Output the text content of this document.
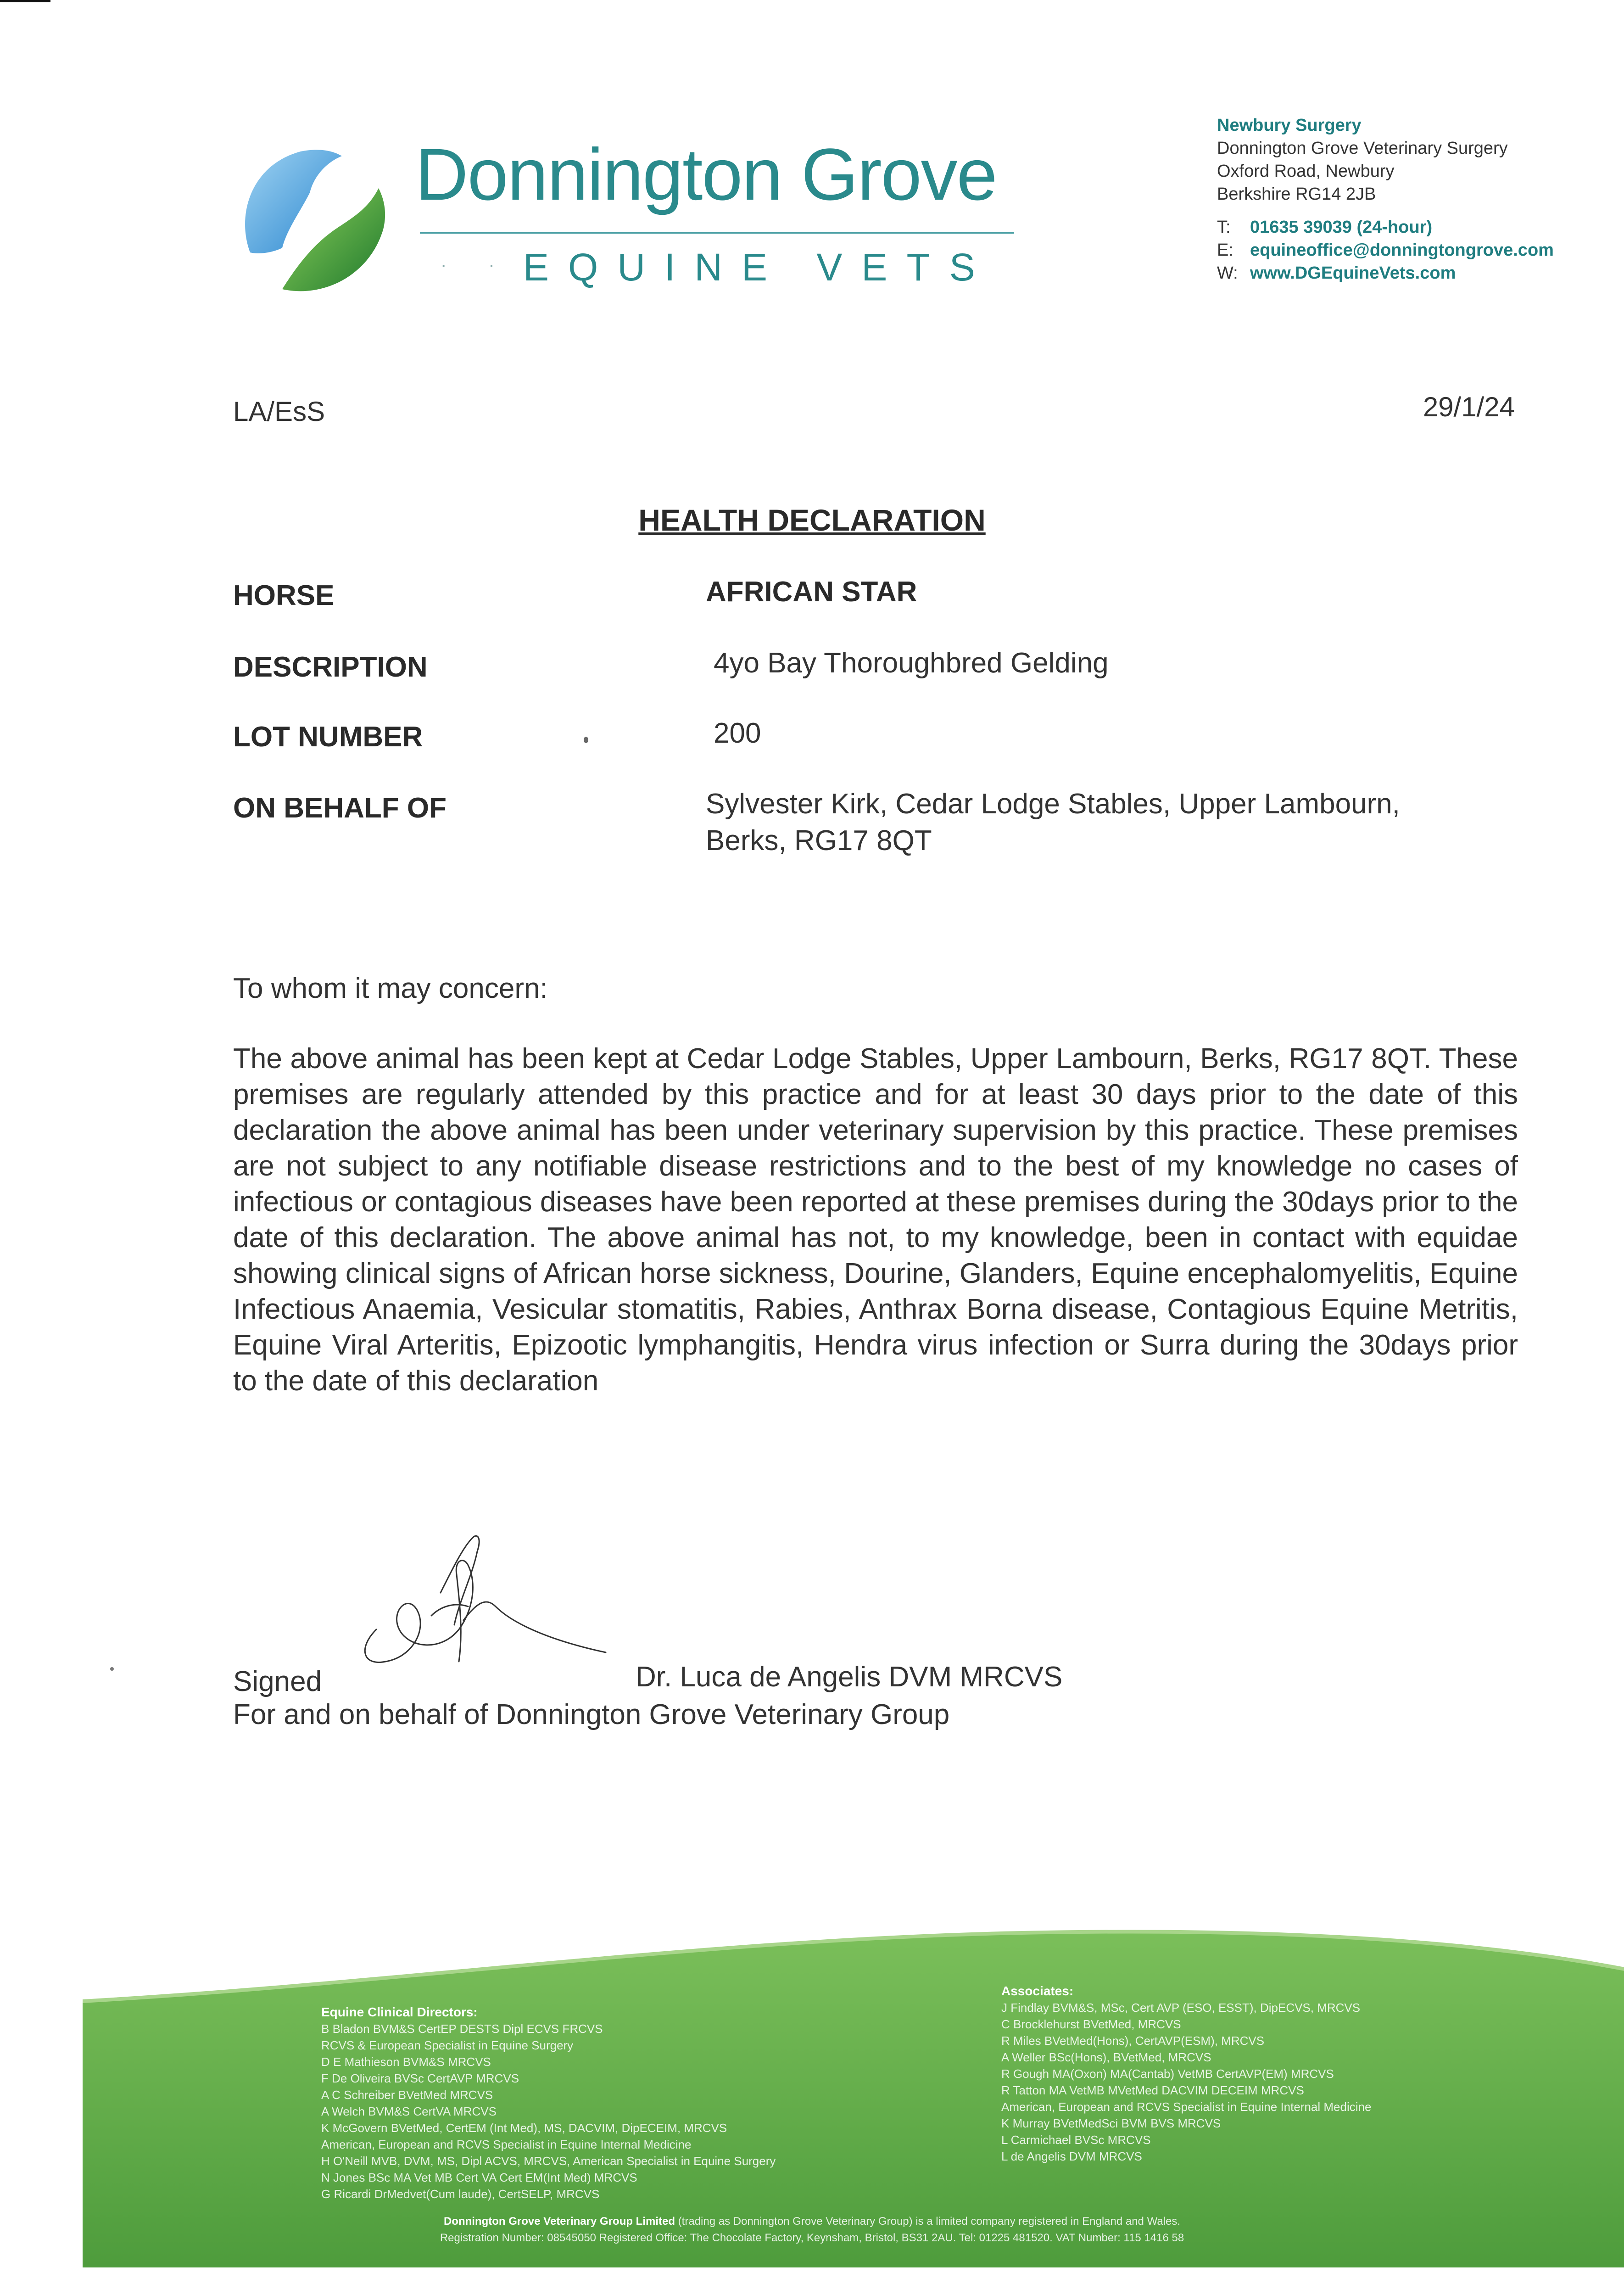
Donnington Grove
· · EQUINE VETS
Newbury Surgery
Donnington Grove Veterinary Surgery
Oxford Road, Newbury
Berkshire RG14 2JB
T: 01635 39039 (24-hour)
E: equineoffice@donningtongrove.com
W: www.DGEquineVets.com
LA/EsS	29/1/24
HEALTH DECLARATION
HORSE	AFRICAN STAR
DESCRIPTION	4yo Bay Thoroughbred Gelding
LOT NUMBER	200
ON BEHALF OF	Sylvester Kirk, Cedar Lodge Stables, Upper Lambourn,
Berks, RG17 8QT
To whom it may concern:
The above animal has been kept at Cedar Lodge Stables, Upper Lambourn, Berks, RG17 8QT. These premises are regularly attended by this practice and for at least 30 days prior to the date of this declaration the above animal has been under veterinary supervision by this practice. These premises are not subject to any notifiable disease restrictions and to the best of my knowledge no cases of infectious or contagious diseases have been reported at these premises during the 30days prior to the date of this declaration. The above animal has not, to my knowledge, been in contact with equidae showing clinical signs of African horse sickness, Dourine, Glanders, Equine encephalomyelitis, Equine Infectious Anaemia, Vesicular stomatitis, Rabies, Anthrax Borna disease, Contagious Equine Metritis, Equine Viral Arteritis, Epizootic lymphangitis, Hendra virus infection or Surra during the 30days prior to the date of this declaration
Signed	Dr. Luca de Angelis DVM MRCVS
For and on behalf of Donnington Grove Veterinary Group
Equine Clinical Directors:
B Bladon BVM&S CertEP DESTS Dipl ECVS FRCVS
RCVS & European Specialist in Equine Surgery
D E Mathieson BVM&S MRCVS
F De Oliveira BVSc CertAVP MRCVS
A C Schreiber BVetMed MRCVS
A Welch BVM&S CertVA MRCVS
K McGovern BVetMed, CertEM (Int Med), MS, DACVIM, DipECEIM, MRCVS
American, European and RCVS Specialist in Equine Internal Medicine
H O'Neill MVB, DVM, MS, Dipl ACVS, MRCVS, American Specialist in Equine Surgery
N Jones BSc MA Vet MB Cert VA Cert EM(Int Med) MRCVS
G Ricardi DrMedvet(Cum laude), CertSELP, MRCVS
Associates:
J Findlay BVM&S, MSc, Cert AVP (ESO, ESST), DipECVS, MRCVS
C Brocklehurst BVetMed, MRCVS
R Miles BVetMed(Hons), CertAVP(ESM), MRCVS
A Weller BSc(Hons), BVetMed, MRCVS
R Gough MA(Oxon) MA(Cantab) VetMB CertAVP(EM) MRCVS
R Tatton MA VetMB MVetMed DACVIM DECEIM MRCVS
American, European and RCVS Specialist in Equine Internal Medicine
K Murray BVetMedSci BVM BVS MRCVS
L Carmichael BVSc MRCVS
L de Angelis DVM MRCVS
Donnington Grove Veterinary Group Limited (trading as Donnington Grove Veterinary Group) is a limited company registered in England and Wales.
Registration Number: 08545050 Registered Office: The Chocolate Factory, Keynsham, Bristol, BS31 2AU. Tel: 01225 481520. VAT Number: 115 1416 58
